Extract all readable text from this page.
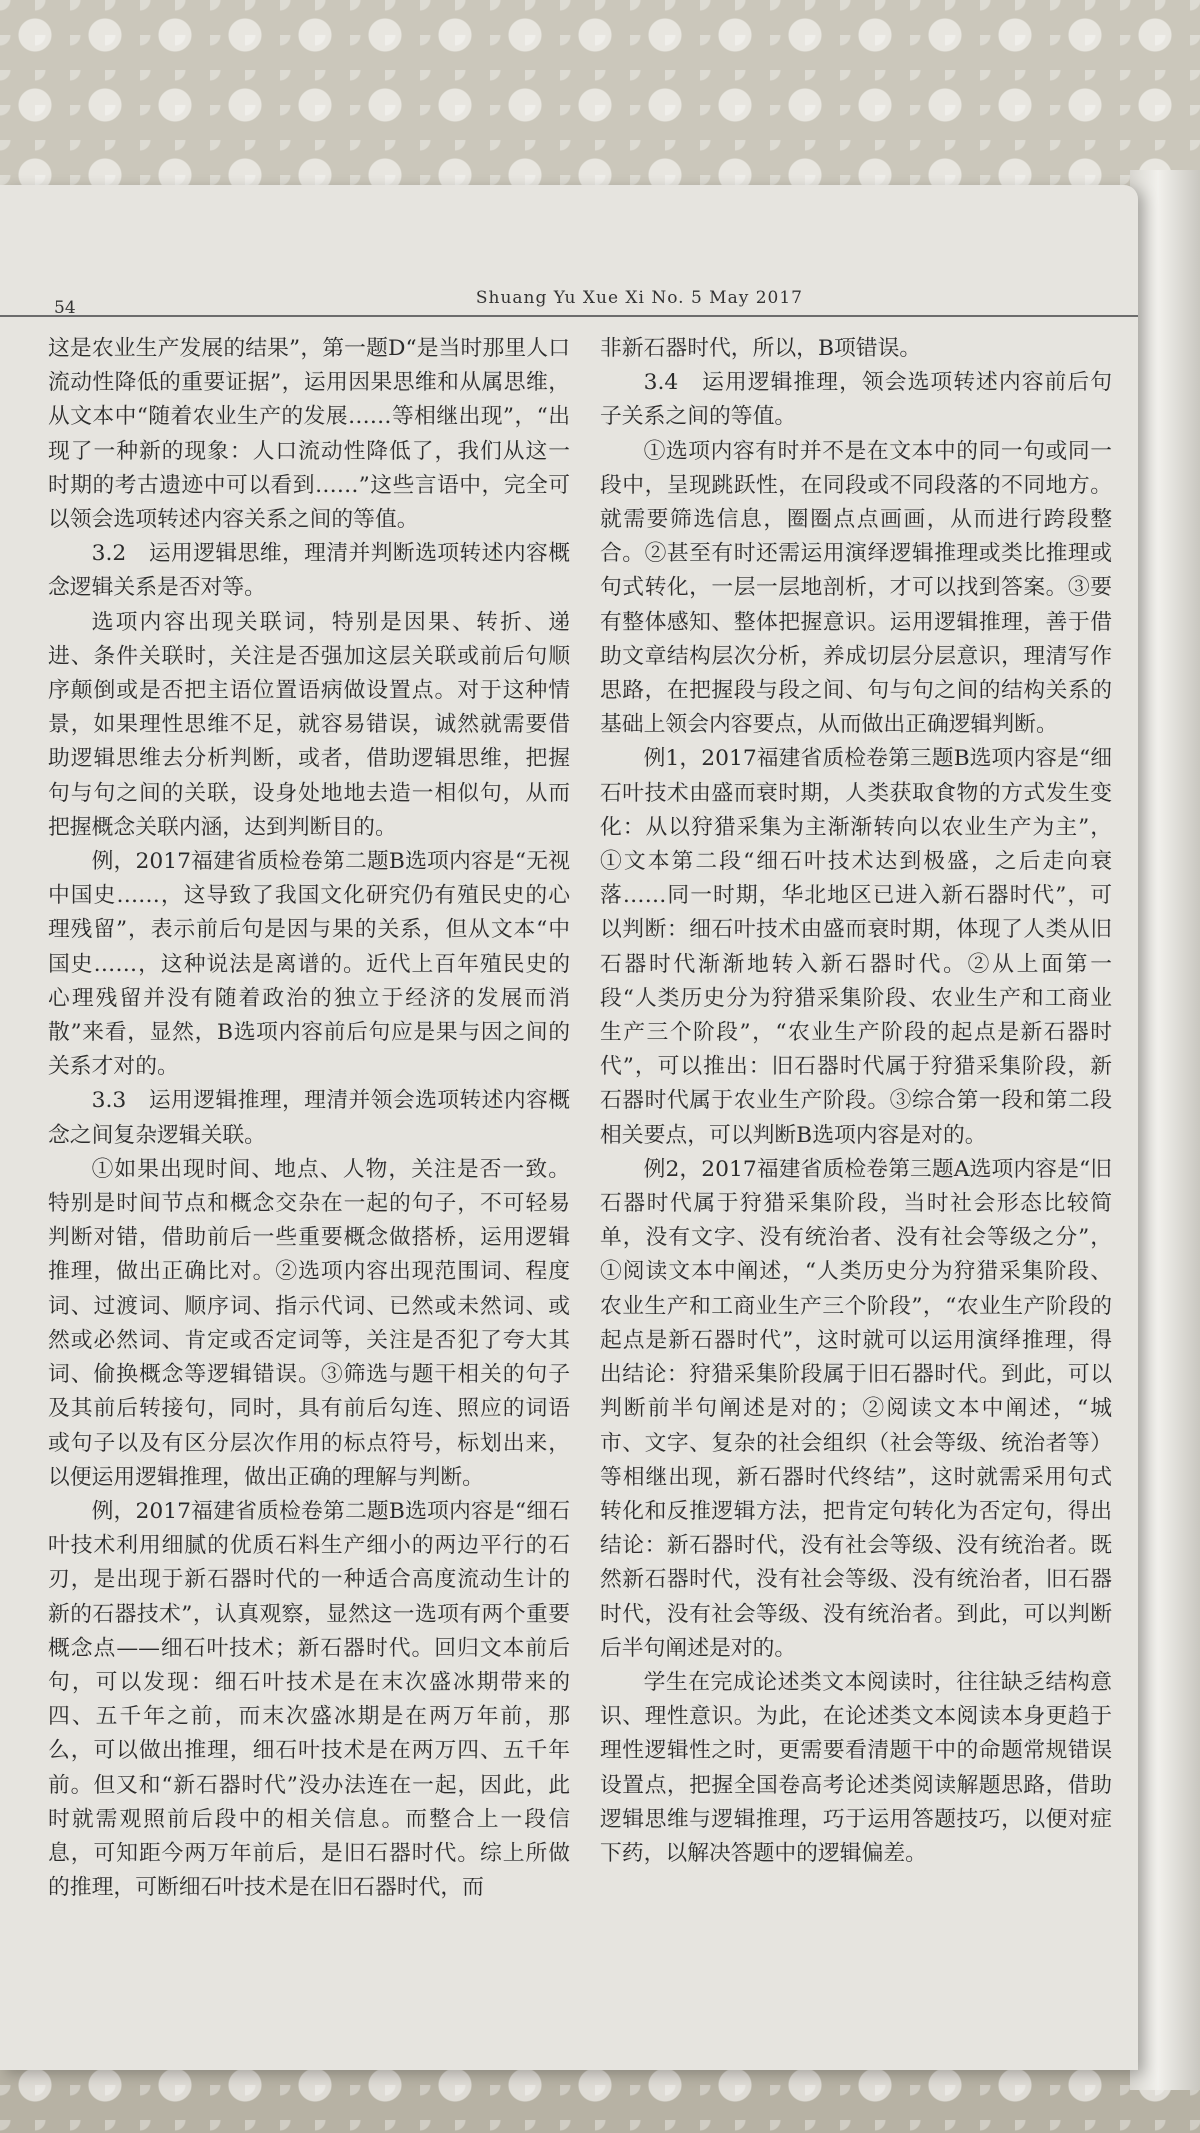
54	Shuang Yu Xue Xi No. 5 May 2017

这是农业生产发展的结果”，第一题D“是当时那里人口流动性降低的重要证据”，运用因果思维和从属思维，从文本中“随着农业生产的发展……等相继出现”，“出现了一种新的现象：人口流动性降低了，我们从这一时期的考古遗迹中可以看到……”这些言语中，完全可以领会选项转述内容关系之间的等值。

3.2　运用逻辑思维，理清并判断选项转述内容概念逻辑关系是否对等。

选项内容出现关联词，特别是因果、转折、递进、条件关联时，关注是否强加这层关联或前后句顺序颠倒或是否把主语位置语病做设置点。对于这种情景，如果理性思维不足，就容易错误，诚然就需要借助逻辑思维去分析判断，或者，借助逻辑思维，把握句与句之间的关联，设身处地地去造一相似句，从而把握概念关联内涵，达到判断目的。

例，2017福建省质检卷第二题B选项内容是“无视中国史……，这导致了我国文化研究仍有殖民史的心理残留”，表示前后句是因与果的关系，但从文本“中国史……，这种说法是离谱的。近代上百年殖民史的心理残留并没有随着政治的独立于经济的发展而消散”来看，显然，B选项内容前后句应是果与因之间的关系才对的。

3.3　运用逻辑推理，理清并领会选项转述内容概念之间复杂逻辑关联。

①如果出现时间、地点、人物，关注是否一致。特别是时间节点和概念交杂在一起的句子，不可轻易判断对错，借助前后一些重要概念做搭桥，运用逻辑推理，做出正确比对。②选项内容出现范围词、程度词、过渡词、顺序词、指示代词、已然或未然词、或然或必然词、肯定或否定词等，关注是否犯了夸大其词、偷换概念等逻辑错误。③筛选与题干相关的句子及其前后转接句，同时，具有前后勾连、照应的词语或句子以及有区分层次作用的标点符号，标划出来，以便运用逻辑推理，做出正确的理解与判断。

例，2017福建省质检卷第二题B选项内容是“细石叶技术利用细腻的优质石料生产细小的两边平行的石刃，是出现于新石器时代的一种适合高度流动生计的新的石器技术”，认真观察，显然这一选项有两个重要概念点——细石叶技术；新石器时代。回归文本前后句，可以发现：细石叶技术是在末次盛冰期带来的四、五千年之前，而末次盛冰期是在两万年前，那么，可以做出推理，细石叶技术是在两万四、五千年前。但又和“新石器时代”没办法连在一起，因此，此时就需观照前后段中的相关信息。而整合上一段信息，可知距今两万年前后，是旧石器时代。综上所做的推理，可断细石叶技术是在旧石器时代，而

非新石器时代，所以，B项错误。

3.4　运用逻辑推理，领会选项转述内容前后句子关系之间的等值。

①选项内容有时并不是在文本中的同一句或同一段中，呈现跳跃性，在同段或不同段落的不同地方。就需要筛选信息，圈圈点点画画，从而进行跨段整合。②甚至有时还需运用演绎逻辑推理或类比推理或句式转化，一层一层地剖析，才可以找到答案。③要有整体感知、整体把握意识。运用逻辑推理，善于借助文章结构层次分析，养成切层分层意识，理清写作思路，在把握段与段之间、句与句之间的结构关系的基础上领会内容要点，从而做出正确逻辑判断。

例1，2017福建省质检卷第三题B选项内容是“细石叶技术由盛而衰时期，人类获取食物的方式发生变化：从以狩猎采集为主渐渐转向以农业生产为主”，①文本第二段“细石叶技术达到极盛，之后走向衰落……同一时期，华北地区已进入新石器时代”，可以判断：细石叶技术由盛而衰时期，体现了人类从旧石器时代渐渐地转入新石器时代。②从上面第一段“人类历史分为狩猎采集阶段、农业生产和工商业生产三个阶段”，“农业生产阶段的起点是新石器时代”，可以推出：旧石器时代属于狩猎采集阶段，新石器时代属于农业生产阶段。③综合第一段和第二段相关要点，可以判断B选项内容是对的。

例2，2017福建省质检卷第三题A选项内容是“旧石器时代属于狩猎采集阶段，当时社会形态比较简单，没有文字、没有统治者、没有社会等级之分”，①阅读文本中阐述，“人类历史分为狩猎采集阶段、农业生产和工商业生产三个阶段”，“农业生产阶段的起点是新石器时代”，这时就可以运用演绎推理，得出结论：狩猎采集阶段属于旧石器时代。到此，可以判断前半句阐述是对的；②阅读文本中阐述，“城市、文字、复杂的社会组织（社会等级、统治者等）等相继出现，新石器时代终结”，这时就需采用句式转化和反推逻辑方法，把肯定句转化为否定句，得出结论：新石器时代，没有社会等级、没有统治者。既然新石器时代，没有社会等级、没有统治者，旧石器时代，没有社会等级、没有统治者。到此，可以判断后半句阐述是对的。

学生在完成论述类文本阅读时，往往缺乏结构意识、理性意识。为此，在论述类文本阅读本身更趋于理性逻辑性之时，更需要看清题干中的命题常规错误设置点，把握全国卷高考论述类阅读解题思路，借助逻辑思维与逻辑推理，巧于运用答题技巧，以便对症下药，以解决答题中的逻辑偏差。
